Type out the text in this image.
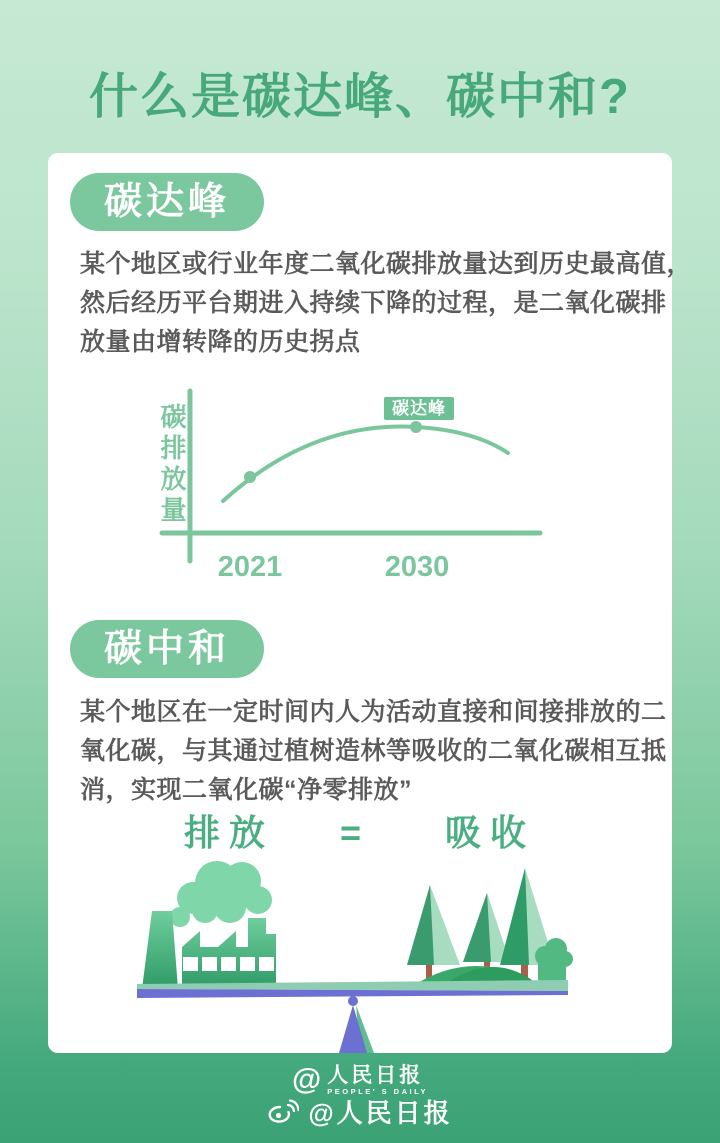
什么是碳达峰、碳中和?
碳达峰
某个地区或行业年度二氧化碳排放量达到历史最高值，
然后经历平台期进入持续下降的过程，是二氧化碳排
放量由增转降的历史拐点
碳排放量	碳达峰
2021	2030
碳中和
某个地区在一定时间内人为活动直接和间接排放的二
氧化碳，与其通过植树造林等吸收的二氧化碳相互抵
消，实现二氧化碳“净零排放”
排放 = 吸收
@ 人民日报
PEOPLE' S DAILY
@人民日报
